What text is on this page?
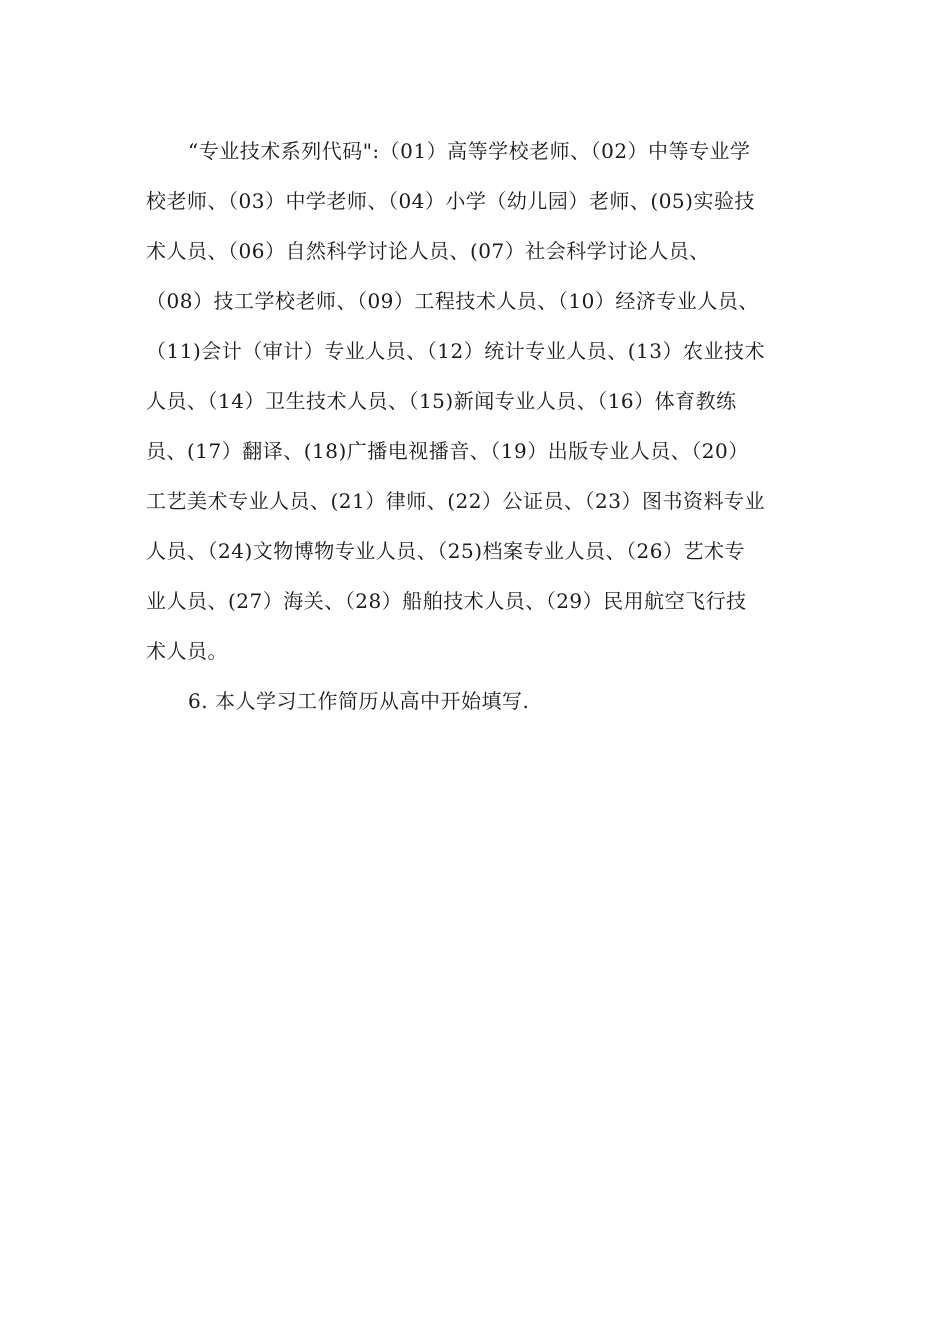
“专业技术系列代码":（01）高等学校老师、（02）中等专业学
校老师、（03）中学老师、（04）小学（幼儿园）老师、(05)实验技
术人员、（06）自然科学讨论人员、(07）社会科学讨论人员、
（08）技工学校老师、（09）工程技术人员、（10）经济专业人员、
（11)会计（审计）专业人员、（12）统计专业人员、(13）农业技术
人员、（14）卫生技术人员、（15)新闻专业人员、（16）体育教练
员、(17）翻译、(18)广播电视播音、（19）出版专业人员、（20）
工艺美术专业人员、(21）律师、(22）公证员、（23）图书资料专业
人员、（24)文物博物专业人员、（25)档案专业人员、（26）艺术专
业人员、(27）海关、（28）船舶技术人员、（29）民用航空飞行技
术人员。
6. 本人学习工作简历从高中开始填写.
